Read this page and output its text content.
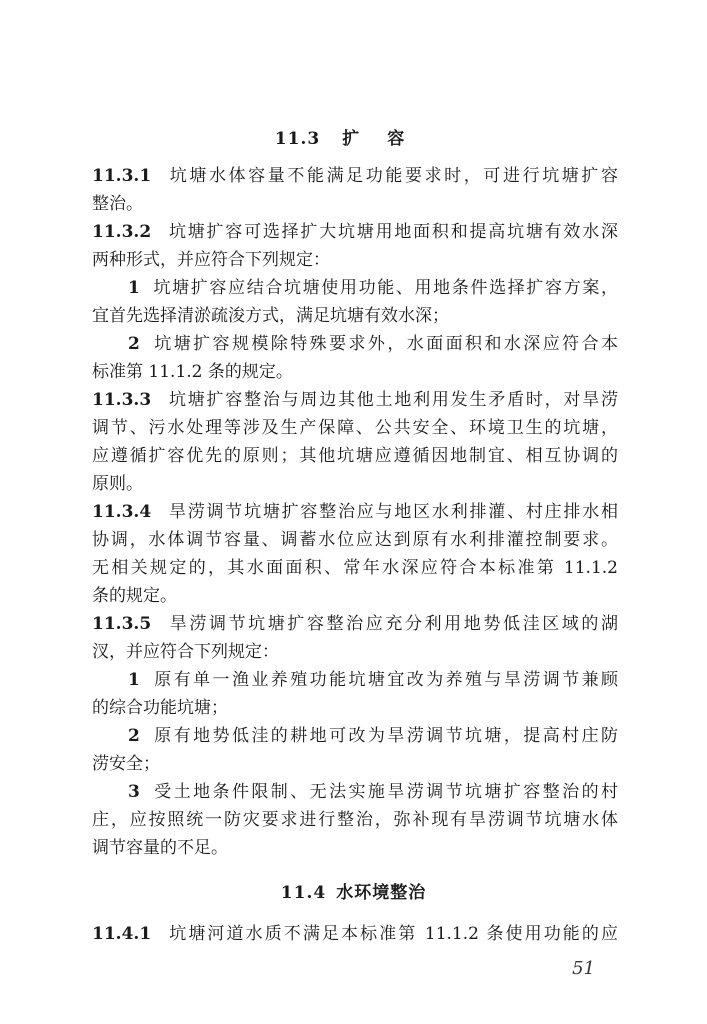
11.3 扩容
11.3.1 坑塘水体容量不能满足功能要求时，可进行坑塘扩容
整治。
11.3.2 坑塘扩容可选择扩大坑塘用地面积和提高坑塘有效水深
两种形式，并应符合下列规定：
1 坑塘扩容应结合坑塘使用功能、用地条件选择扩容方案，
宜首先选择清淤疏浚方式，满足坑塘有效水深；
2 坑塘扩容规模除特殊要求外，水面面积和水深应符合本
标准第 11.1.2 条的规定。
11.3.3 坑塘扩容整治与周边其他土地利用发生矛盾时，对旱涝
调节、污水处理等涉及生产保障、公共安全、环境卫生的坑塘，
应遵循扩容优先的原则；其他坑塘应遵循因地制宜、相互协调的
原则。
11.3.4 旱涝调节坑塘扩容整治应与地区水利排灌、村庄排水相
协调，水体调节容量、调蓄水位应达到原有水利排灌控制要求。
无相关规定的，其水面面积、常年水深应符合本标准第 11.1.2
条的规定。
11.3.5 旱涝调节坑塘扩容整治应充分利用地势低洼区域的湖
汊，并应符合下列规定：
1 原有单一渔业养殖功能坑塘宜改为养殖与旱涝调节兼顾
的综合功能坑塘；
2 原有地势低洼的耕地可改为旱涝调节坑塘，提高村庄防
涝安全；
3 受土地条件限制、无法实施旱涝调节坑塘扩容整治的村
庄，应按照统一防灾要求进行整治，弥补现有旱涝调节坑塘水体
调节容量的不足。
11.4 水环境整治
11.4.1 坑塘河道水质不满足本标准第 11.1.2 条使用功能的应
51
